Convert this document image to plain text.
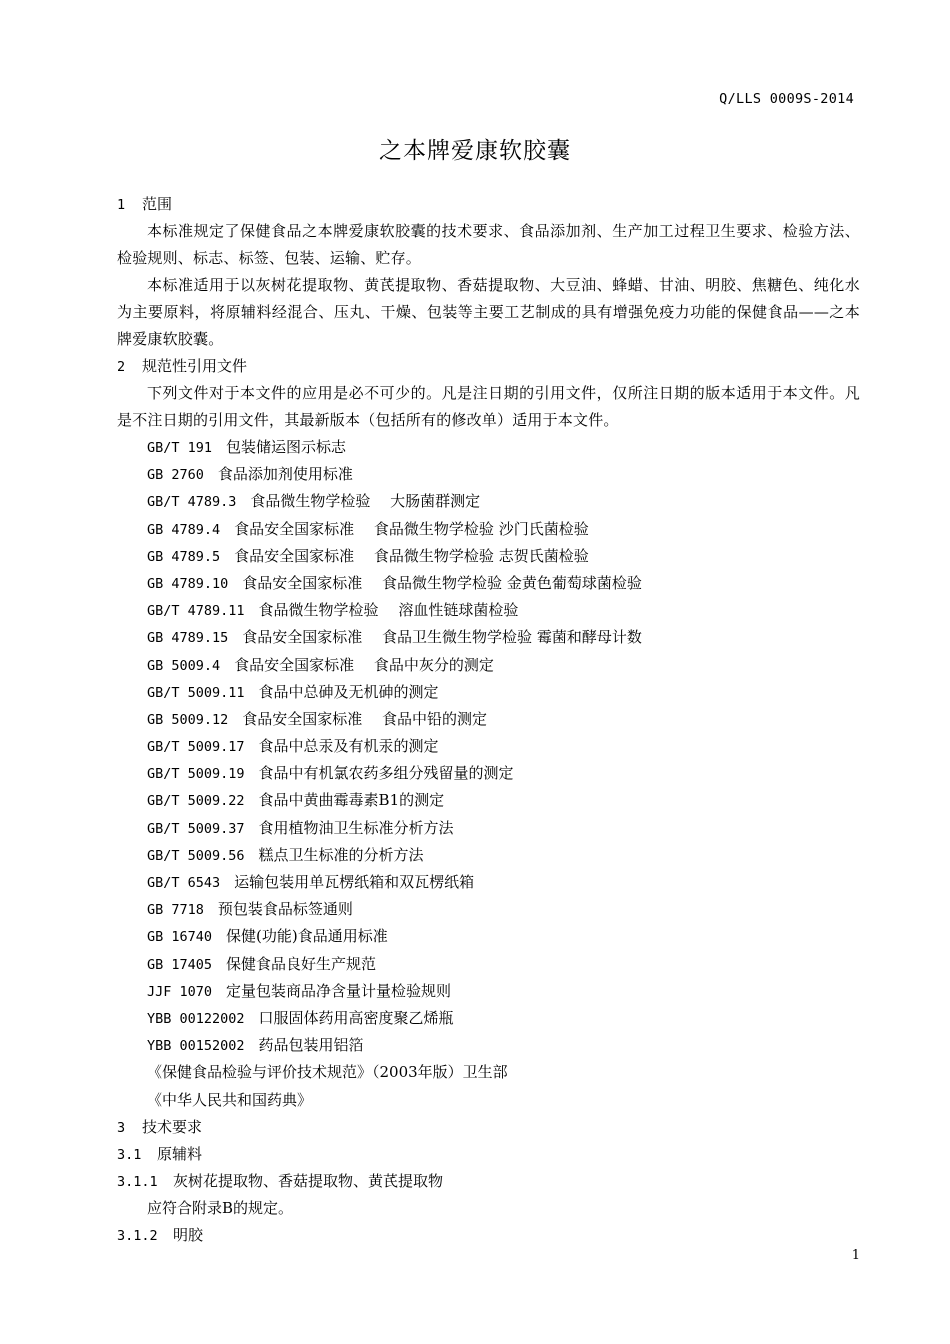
Q/LLS 0009S-2014
之本牌爱康软胶囊
1 范围
本标准规定了保健食品之本牌爱康软胶囊的技术要求、食品添加剂、生产加工过程卫生要求、检验方法、检验规则、标志、标签、包装、运输、贮存。
本标准适用于以灰树花提取物、黄芪提取物、香菇提取物、大豆油、蜂蜡、甘油、明胶、焦糖色、纯化水为主要原料，将原辅料经混合、压丸、干燥、包装等主要工艺制成的具有增强免疫力功能的保健食品——之本牌爱康软胶囊。
2 规范性引用文件
下列文件对于本文件的应用是必不可少的。凡是注日期的引用文件，仅所注日期的版本适用于本文件。凡是不注日期的引用文件，其最新版本（包括所有的修改单）适用于本文件。
GB/T 191 包装储运图示标志
GB 2760 食品添加剂使用标准
GB/T 4789.3 食品微生物学检验　 大肠菌群测定
GB 4789.4 食品安全国家标准　 食品微生物学检验 沙门氏菌检验
GB 4789.5 食品安全国家标准　 食品微生物学检验 志贺氏菌检验
GB 4789.10 食品安全国家标准　 食品微生物学检验 金黄色葡萄球菌检验
GB/T 4789.11 食品微生物学检验　 溶血性链球菌检验
GB 4789.15 食品安全国家标准　 食品卫生微生物学检验 霉菌和酵母计数
GB 5009.4 食品安全国家标准　 食品中灰分的测定
GB/T 5009.11 食品中总砷及无机砷的测定
GB 5009.12 食品安全国家标准　 食品中铅的测定
GB/T 5009.17 食品中总汞及有机汞的测定
GB/T 5009.19 食品中有机氯农药多组分残留量的测定
GB/T 5009.22 食品中黄曲霉毒素B1的测定
GB/T 5009.37 食用植物油卫生标准分析方法
GB/T 5009.56 糕点卫生标准的分析方法
GB/T 6543 运输包装用单瓦楞纸箱和双瓦楞纸箱
GB 7718 预包装食品标签通则
GB 16740 保健(功能)食品通用标准
GB 17405 保健食品良好生产规范
JJF 1070 定量包装商品净含量计量检验规则
YBB 00122002 口服固体药用高密度聚乙烯瓶
YBB 00152002 药品包装用铝箔
《保健食品检验与评价技术规范》（2003年版）卫生部
《中华人民共和国药典》
3 技术要求
3.1 原辅料
3.1.1 灰树花提取物、香菇提取物、黄芪提取物
应符合附录B的规定。
3.1.2 明胶
1
